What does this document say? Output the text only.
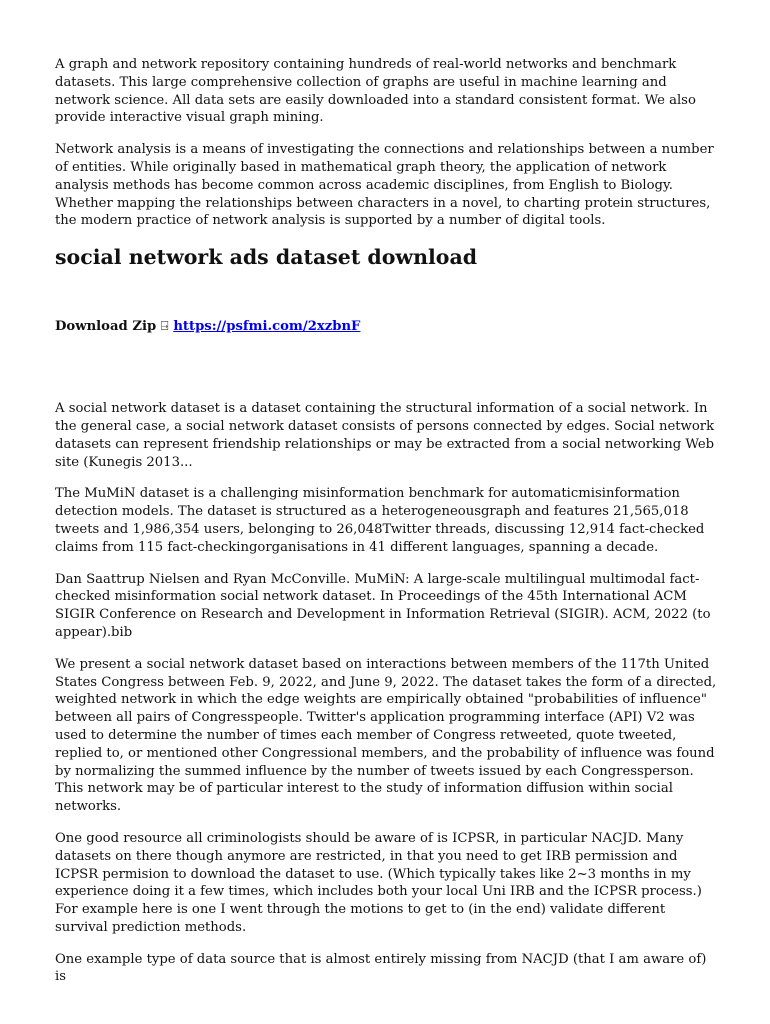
A graph and network repository containing hundreds of real-world networks and benchmark datasets. This large comprehensive collection of graphs are useful in machine learning and network science. All data sets are easily downloaded into a standard consistent format. We also provide interactive visual graph mining.

Network analysis is a means of investigating the connections and relationships between a number of entities. While originally based in mathematical graph theory, the application of network analysis methods has become common across academic disciplines, from English to Biology. Whether mapping the relationships between characters in a novel, to charting protein structures, the modern practice of network analysis is supported by a number of digital tools.

social network ads dataset download
Download Zip ⍈ https://psfmi.com/2xzbnF

A social network dataset is a dataset containing the structural information of a social network. In the general case, a social network dataset consists of persons connected by edges. Social network datasets can represent friendship relationships or may be extracted from a social networking Web site (Kunegis 2013...

The MuMiN dataset is a challenging misinformation benchmark for automaticmisinformation detection models. The dataset is structured as a heterogeneousgraph and features 21,565,018 tweets and 1,986,354 users, belonging to 26,048Twitter threads, discussing 12,914 fact-checked claims from 115 fact-checkingorganisations in 41 different languages, spanning a decade.

Dan Saattrup Nielsen and Ryan McConville. MuMiN: A large-scale multilingual multimodal fact-checked misinformation social network dataset. In Proceedings of the 45th International ACM SIGIR Conference on Research and Development in Information Retrieval (SIGIR). ACM, 2022 (to appear).bib

We present a social network dataset based on interactions between members of the 117th United States Congress between Feb. 9, 2022, and June 9, 2022. The dataset takes the form of a directed, weighted network in which the edge weights are empirically obtained "probabilities of influence" between all pairs of Congresspeople. Twitter's application programming interface (API) V2 was used to determine the number of times each member of Congress retweeted, quote tweeted, replied to, or mentioned other Congressional members, and the probability of influence was found by normalizing the summed influence by the number of tweets issued by each Congressperson. This network may be of particular interest to the study of information diffusion within social networks.

One good resource all criminologists should be aware of is ICPSR, in particular NACJD. Many datasets on there though anymore are restricted, in that you need to get IRB permission and ICPSR permision to download the dataset to use. (Which typically takes like 2~3 months in my experience doing it a few times, which includes both your local Uni IRB and the ICPSR process.) For example here is one I went through the motions to get to (in the end) validate different survival prediction methods.

One example type of data source that is almost entirely missing from NACJD (that I am aware of) is
